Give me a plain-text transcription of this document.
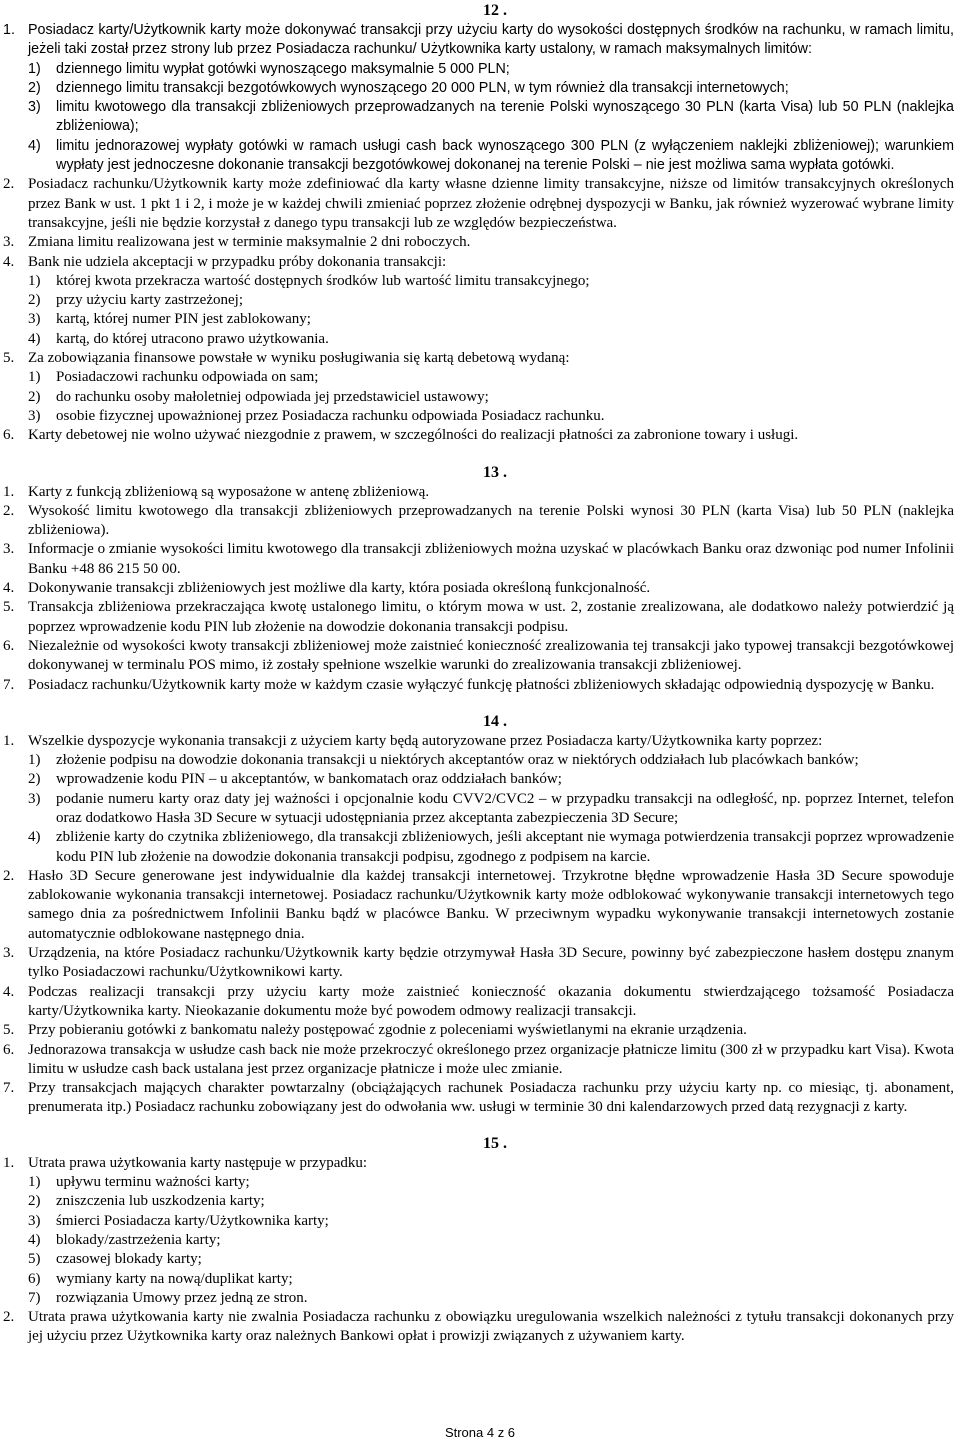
12 .
1. Posiadacz karty/Użytkownik karty może dokonywać transakcji przy użyciu karty do wysokości dostępnych środków na rachunku, w ramach limitu, jeżeli taki został przez strony lub przez Posiadacza rachunku/ Użytkownika karty ustalony, w ramach maksymalnych limitów:
1) dziennego limitu wypłat gotówki wynoszącego maksymalnie 5 000 PLN;
2) dziennego limitu transakcji bezgotówkowych wynoszącego 20 000 PLN, w tym również dla transakcji internetowych;
3) limitu kwotowego dla transakcji zbliżeniowych przeprowadzanych na terenie Polski wynoszącego 30 PLN (karta Visa) lub 50 PLN (naklejka zbliżeniowa);
4) limitu jednorazowej wypłaty gotówki w ramach usługi cash back wynoszącego 300 PLN (z wyłączeniem naklejki zbliżeniowej); warunkiem wypłaty jest jednoczesne dokonanie transakcji bezgotówkowej dokonanej na terenie Polski – nie jest możliwa sama wypłata gotówki.
2. Posiadacz rachunku/Użytkownik karty może zdefiniować dla karty własne dzienne limity transakcyjne, niższe od limitów transakcyjnych określonych przez Bank w ust. 1 pkt 1 i 2, i może je w każdej chwili zmieniać poprzez złożenie odrębnej dyspozycji w Banku, jak również wyzerować wybrane limity transakcyjne, jeśli nie będzie korzystał z danego typu transakcji lub ze względów bezpieczeństwa.
3. Zmiana limitu realizowana jest w terminie maksymalnie 2 dni roboczych.
4. Bank nie udziela akceptacji w przypadku próby dokonania transakcji:
1) której kwota przekracza wartość dostępnych środków lub wartość limitu transakcyjnego;
2) przy użyciu karty zastrzeżonej;
3) kartą, której numer PIN jest zablokowany;
4) kartą, do której utracono prawo użytkowania.
5. Za zobowiązania finansowe powstałe w wyniku posługiwania się kartą debetową wydaną:
1) Posiadaczowi rachunku odpowiada on sam;
2) do rachunku osoby małoletniej odpowiada jej przedstawiciel ustawowy;
3) osobie fizycznej upoważnionej przez Posiadacza rachunku odpowiada Posiadacz rachunku.
6. Karty debetowej nie wolno używać niezgodnie z prawem, w szczególności do realizacji płatności za zabronione towary i usługi.
13 .
1. Karty z funkcją zbliżeniową są wyposażone w antenę zbliżeniową.
2. Wysokość limitu kwotowego dla transakcji zbliżeniowych przeprowadzanych na terenie Polski wynosi 30 PLN (karta Visa) lub 50 PLN (naklejka zbliżeniowa).
3. Informacje o zmianie wysokości limitu kwotowego dla transakcji zbliżeniowych można uzyskać w placówkach Banku oraz dzwoniąc pod numer Infolinii Banku +48 86 215 50 00.
4. Dokonywanie transakcji zbliżeniowych jest możliwe dla karty, która posiada określoną funkcjonalność.
5. Transakcja zbliżeniowa przekraczająca kwotę ustalonego limitu, o którym mowa w ust. 2, zostanie zrealizowana, ale dodatkowo należy potwierdzić ją poprzez wprowadzenie kodu PIN lub złożenie na dowodzie dokonania transakcji podpisu.
6. Niezależnie od wysokości kwoty transakcji zbliżeniowej może zaistnieć konieczność zrealizowania tej transakcji jako typowej transakcji bezgotówkowej dokonywanej w terminalu POS mimo, iż zostały spełnione wszelkie warunki do zrealizowania transakcji zbliżeniowej.
7. Posiadacz rachunku/Użytkownik karty może w każdym czasie wyłączyć funkcję płatności zbliżeniowych składając odpowiednią dyspozycję w Banku.
14 .
1. Wszelkie dyspozycje wykonania transakcji z użyciem karty będą autoryzowane przez Posiadacza karty/Użytkownika karty poprzez:
1) złożenie podpisu na dowodzie dokonania transakcji u niektórych akceptantów oraz w niektórych oddziałach lub placówkach banków;
2) wprowadzenie kodu PIN – u akceptantów, w bankomatach oraz oddziałach banków;
3) podanie numeru karty oraz daty jej ważności i opcjonalnie kodu CVV2/CVC2 – w przypadku transakcji na odległość, np. poprzez Internet, telefon oraz dodatkowo Hasła 3D Secure w sytuacji udostępniania przez akceptanta zabezpieczenia 3D Secure;
4) zbliżenie karty do czytnika zbliżeniowego, dla transakcji zbliżeniowych, jeśli akceptant nie wymaga potwierdzenia transakcji poprzez wprowadzenie kodu PIN lub złożenie na dowodzie dokonania transakcji podpisu, zgodnego z podpisem na karcie.
2. Hasło 3D Secure generowane jest indywidualnie dla każdej transakcji internetowej. Trzykrotne błędne wprowadzenie Hasła 3D Secure spowoduje zablokowanie wykonania transakcji internetowej. Posiadacz rachunku/Użytkownik karty może odblokować wykonywanie transakcji internetowych tego samego dnia za pośrednictwem Infolinii Banku bądź w placówce Banku. W przeciwnym wypadku wykonywanie transakcji internetowych zostanie automatycznie odblokowane następnego dnia.
3. Urządzenia, na które Posiadacz rachunku/Użytkownik karty będzie otrzymywał Hasła 3D Secure, powinny być zabezpieczone hasłem dostępu znanym tylko Posiadaczowi rachunku/Użytkownikowi karty.
4. Podczas realizacji transakcji przy użyciu karty może zaistnieć konieczność okazania dokumentu stwierdzającego tożsamość Posiadacza karty/Użytkownika karty. Nieokazanie dokumentu może być powodem odmowy realizacji transakcji.
5. Przy pobieraniu gotówki z bankomatu należy postępować zgodnie z poleceniami wyświetlanymi na ekranie urządzenia.
6. Jednorazowa transakcja w usłudze cash back nie może przekroczyć określonego przez organizacje płatnicze limitu (300 zł w przypadku kart Visa). Kwota limitu w usłudze cash back ustalana jest przez organizacje płatnicze i może ulec zmianie.
7. Przy transakcjach mających charakter powtarzalny (obciążających rachunek Posiadacza rachunku przy użyciu karty np. co miesiąc, tj. abonament, prenumerata itp.) Posiadacz rachunku zobowiązany jest do odwołania ww. usługi w terminie 30 dni kalendarzowych przed datą rezygnacji z karty.
15 .
1. Utrata prawa użytkowania karty następuje w przypadku:
1) upływu terminu ważności karty;
2) zniszczenia lub uszkodzenia karty;
3) śmierci Posiadacza karty/Użytkownika karty;
4) blokady/zastrzeżenia karty;
5) czasowej blokady karty;
6) wymiany karty na nową/duplikat karty;
7) rozwiązania Umowy przez jedną ze stron.
2. Utrata prawa użytkowania karty nie zwalnia Posiadacza rachunku z obowiązku uregulowania wszelkich należności z tytułu transakcji dokonanych przy jej użyciu przez Użytkownika karty oraz należnych Bankowi opłat i prowizji związanych z używaniem karty.
Strona 4 z 6
